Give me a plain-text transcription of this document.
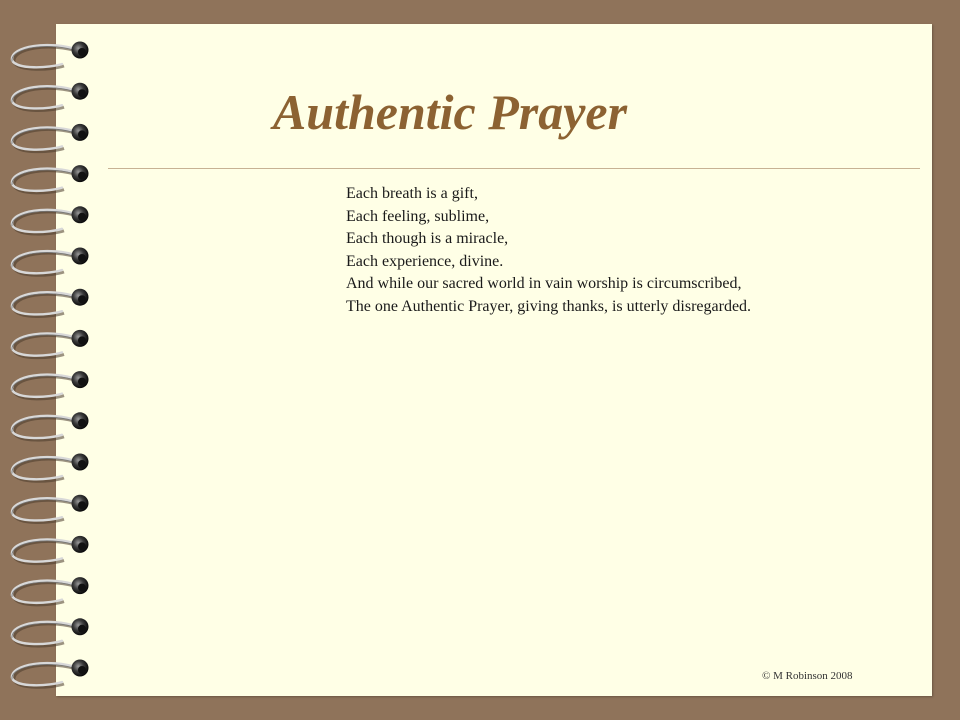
Authentic Prayer
Each breath is a gift,
Each feeling, sublime,
Each though is a miracle,
Each experience, divine.
And while our sacred world in vain worship is circumscribed,
The one Authentic Prayer, giving thanks, is utterly disregarded.
© M Robinson 2008
